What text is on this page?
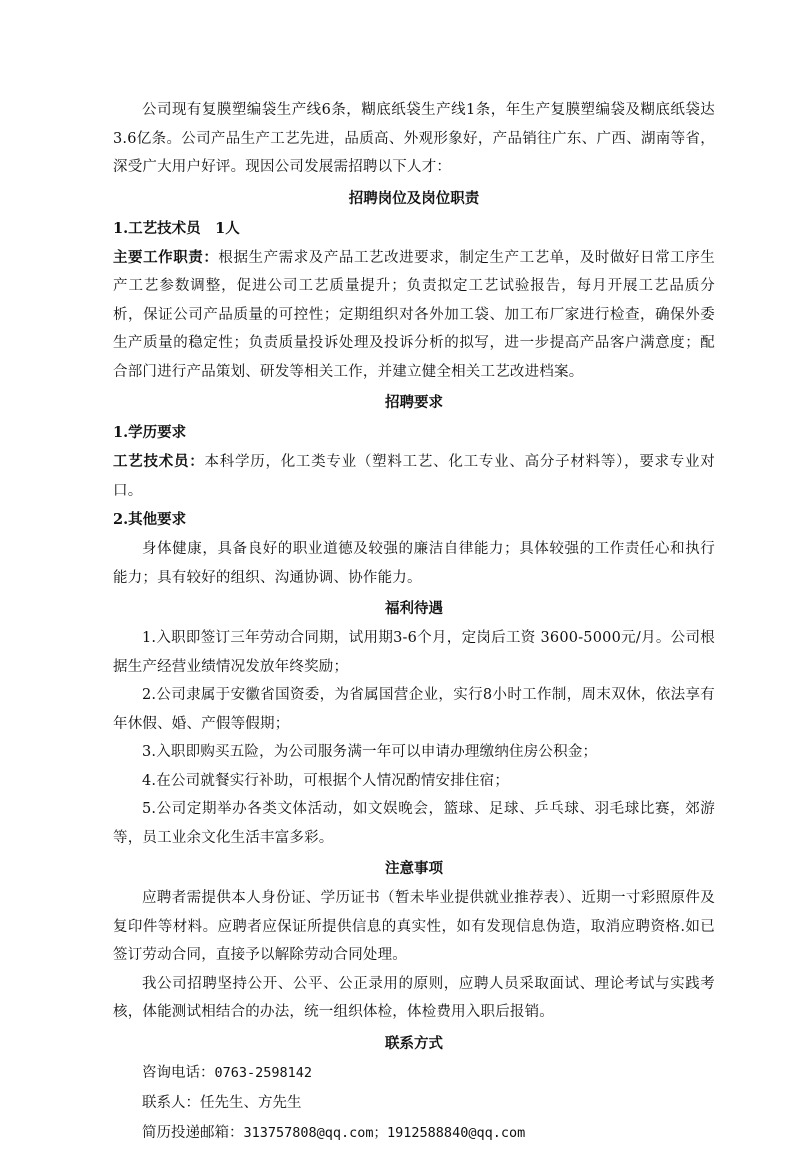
公司现有复膜塑编袋生产线6条，糊底纸袋生产线1条，年生产复膜塑编袋及糊底纸袋达 3.6亿条。公司产品生产工艺先进，品质高、外观形象好，产品销往广东、广西、湖南等省，深受广大用户好评。现因公司发展需招聘以下人才：

招聘岗位及岗位职责
1.工艺技术员　1人

主要工作职责：根据生产需求及产品工艺改进要求，制定生产工艺单，及时做好日常工序生产工艺参数调整，促进公司工艺质量提升；负责拟定工艺试验报告，每月开展工艺品质分析，保证公司产品质量的可控性；定期组织对各外加工袋、加工布厂家进行检查，确保外委生产质量的稳定性；负责质量投诉处理及投诉分析的拟写，进一步提高产品客户满意度；配合部门进行产品策划、研发等相关工作，并建立健全相关工艺改进档案。

招聘要求
1.学历要求

工艺技术员：本科学历，化工类专业（塑料工艺、化工专业、高分子材料等），要求专业对口。

2.其他要求

身体健康，具备良好的职业道德及较强的廉洁自律能力；具体较强的工作责任心和执行能力；具有较好的组织、沟通协调、协作能力。

福利待遇

1.入职即签订三年劳动合同期，试用期3-6个月，定岗后工资 3600-5000元/月。公司根据生产经营业绩情况发放年终奖励；

2.公司隶属于安徽省国资委，为省属国营企业，实行8小时工作制，周末双休，依法享有年休假、婚、产假等假期；

3.入职即购买五险，为公司服务满一年可以申请办理缴纳住房公积金；

4.在公司就餐实行补助，可根据个人情况酌情安排住宿；

5.公司定期举办各类文体活动，如文娱晚会，篮球、足球、乒乓球、羽毛球比赛，郊游等，员工业余文化生活丰富多彩。

注意事项

应聘者需提供本人身份证、学历证书（暂未毕业提供就业推荐表）、近期一寸彩照原件及复印件等材料。应聘者应保证所提供信息的真实性，如有发现信息伪造，取消应聘资格.如已签订劳动合同，直接予以解除劳动合同处理。

我公司招聘坚持公开、公平、公正录用的原则，应聘人员采取面试、理论考试与实践考核，体能测试相结合的办法，统一组织体检，体检费用入职后报销。

联系方式
咨询电话：0763-2598142
联系人：任先生、方先生
简历投递邮箱：313757808@qq.com；1912588840@qq.com
